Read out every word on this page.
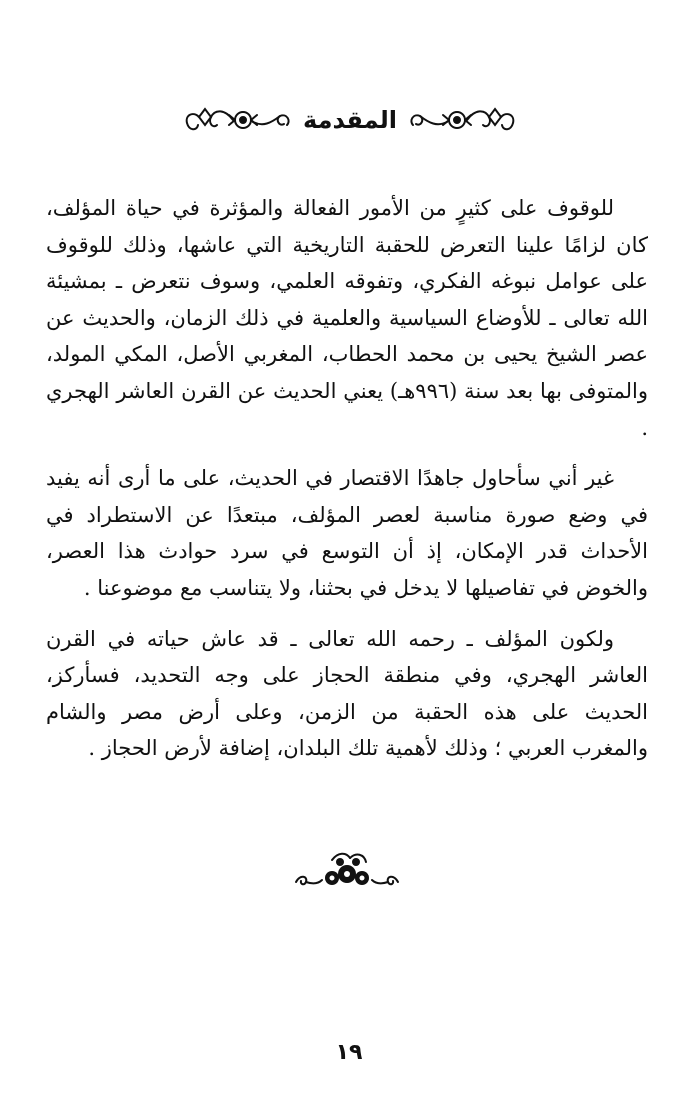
المقدمة

للوقوف على كثيرٍ من الأمور الفعالة والمؤثرة في حياة المؤلف، كان لزامًا علينا التعرض للحقبة التاريخية التي عاشها، وذلك للوقوف على عوامل نبوغه الفكري، وتفوقه العلمي، وسوف نتعرض ـ بمشيئة الله تعالى ـ للأوضاع السياسية والعلمية في ذلك الزمان، والحديث عن عصر الشيخ يحيى بن محمد الحطاب، المغربي الأصل، المكي المولد، والمتوفى بها بعد سنة (٩٩٦هـ) يعني الحديث عن القرن العاشر الهجري .

غير أني سأحاول جاهدًا الاقتصار في الحديث، على ما أرى أنه يفيد في وضع صورة مناسبة لعصر المؤلف، مبتعدًا عن الاستطراد في الأحداث قدر الإمكان، إذ أن التوسع في سرد حوادث هذا العصر، والخوض في تفاصيلها لا يدخل في بحثنا، ولا يتناسب مع موضوعنا .

ولكون المؤلف ـ رحمه الله تعالى ـ قد عاش حياته في القرن العاشر الهجري، وفي منطقة الحجاز على وجه التحديد، فسأركز، الحديث على هذه الحقبة من الزمن، وعلى أرض مصر والشام والمغرب العربي ؛ وذلك لأهمية تلك البلدان، إضافة لأرض الحجاز .

١٩
